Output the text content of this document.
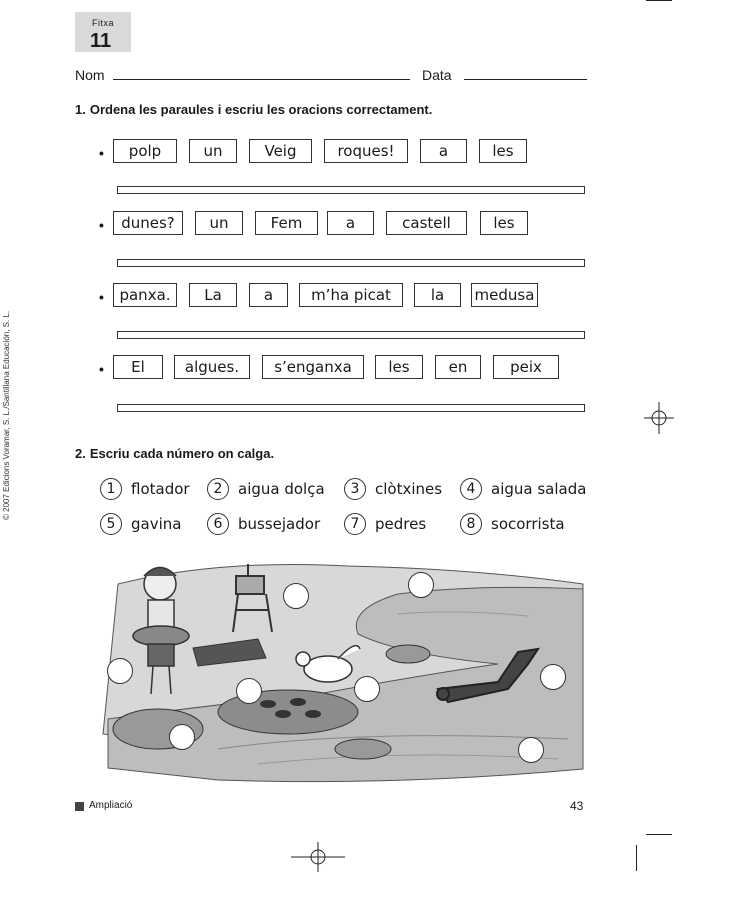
© 2007 Edicions Voramar, S. L./Santillana Educación, S. L.
Fitxa
11
Nom	Data
1. Ordena les paraules i escriu les oracions correctament.
•	polp	un	Veig	roques!	a	les
•	dunes?	un	Fem	a	castell	les
•	panxa.	La	a	m’ha picat	la	medusa
•	El	algues.	s’enganxa	les	en	peix
2. Escriu cada número on calga.
1	flotador	2	aigua dolça	3	clòtxines	4	aigua salada
5	gavina	6	bussejador	7	pedres	8	socorrista
Ampliació	43
